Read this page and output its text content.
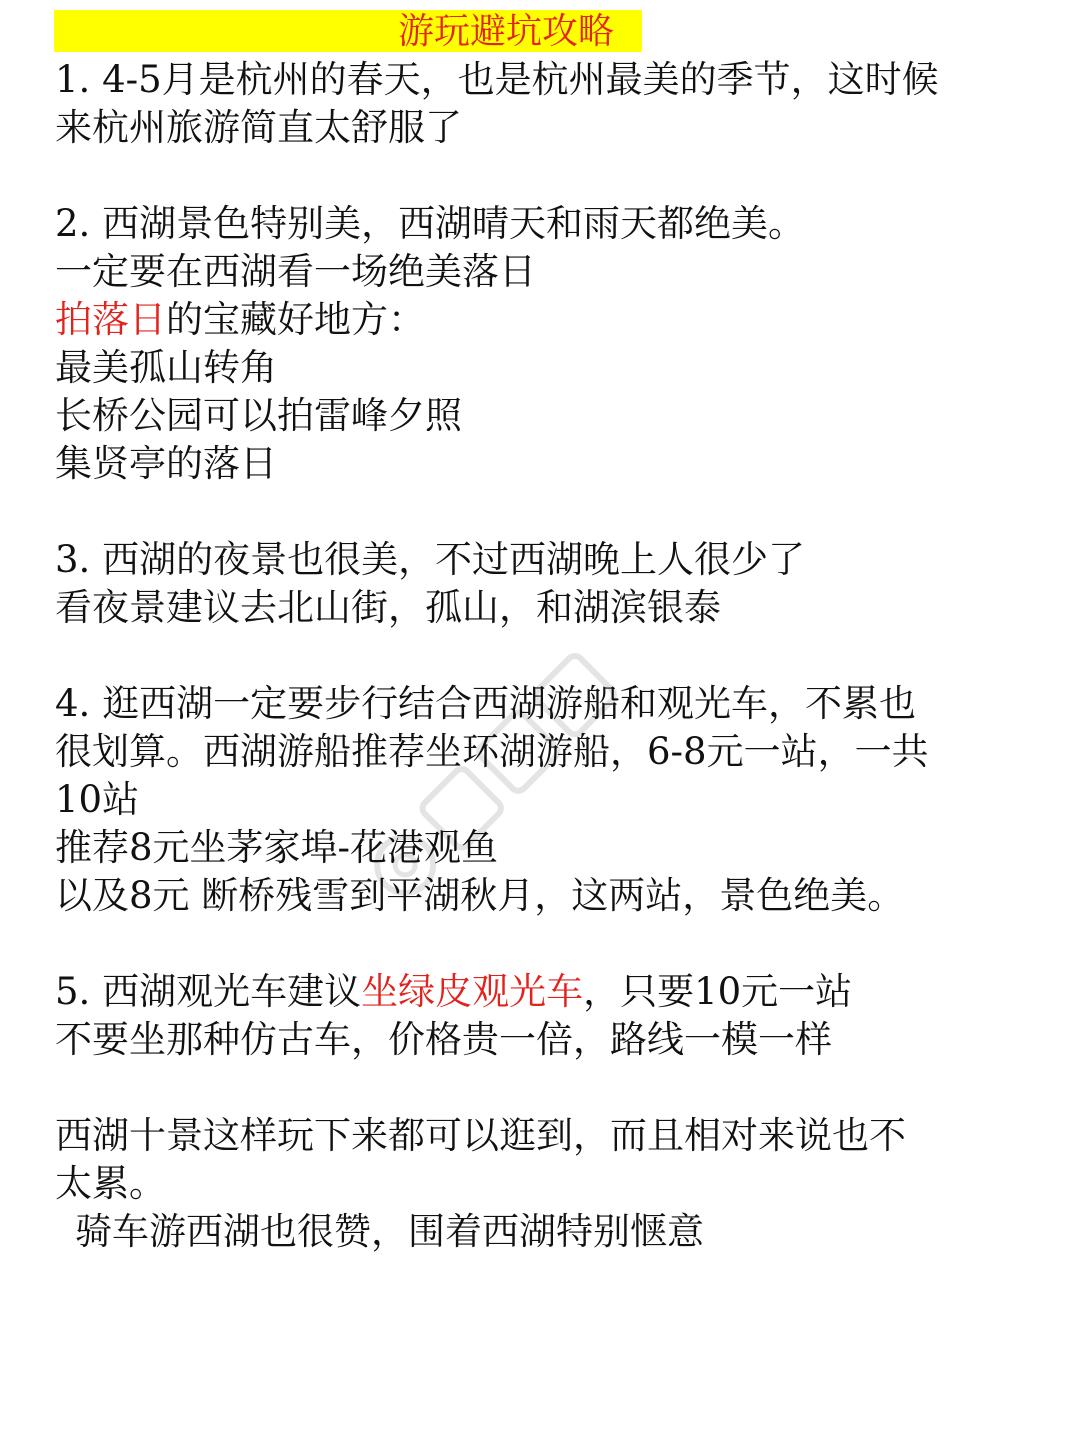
游玩避坑攻略
1. 4-5月是杭州的春天，也是杭州最美的季节，这时候
来杭州旅游简直太舒服了
2. 西湖景色特别美，西湖晴天和雨天都绝美。
一定要在西湖看一场绝美落日
拍落日的宝藏好地方：
最美孤山转角
长桥公园可以拍雷峰夕照
集贤亭的落日
3. 西湖的夜景也很美，不过西湖晚上人很少了
看夜景建议去北山街，孤山，和湖滨银泰
4. 逛西湖一定要步行结合西湖游船和观光车，不累也
很划算。西湖游船推荐坐环湖游船，6-8元一站，一共
10站
推荐8元坐茅家埠-花港观鱼
以及8元 断桥残雪到平湖秋月，这两站，景色绝美。
5. 西湖观光车建议坐绿皮观光车，只要10元一站
不要坐那种仿古车，价格贵一倍，路线一模一样
西湖十景这样玩下来都可以逛到，而且相对来说也不
太累。
骑车游西湖也很赞，围着西湖特别惬意
